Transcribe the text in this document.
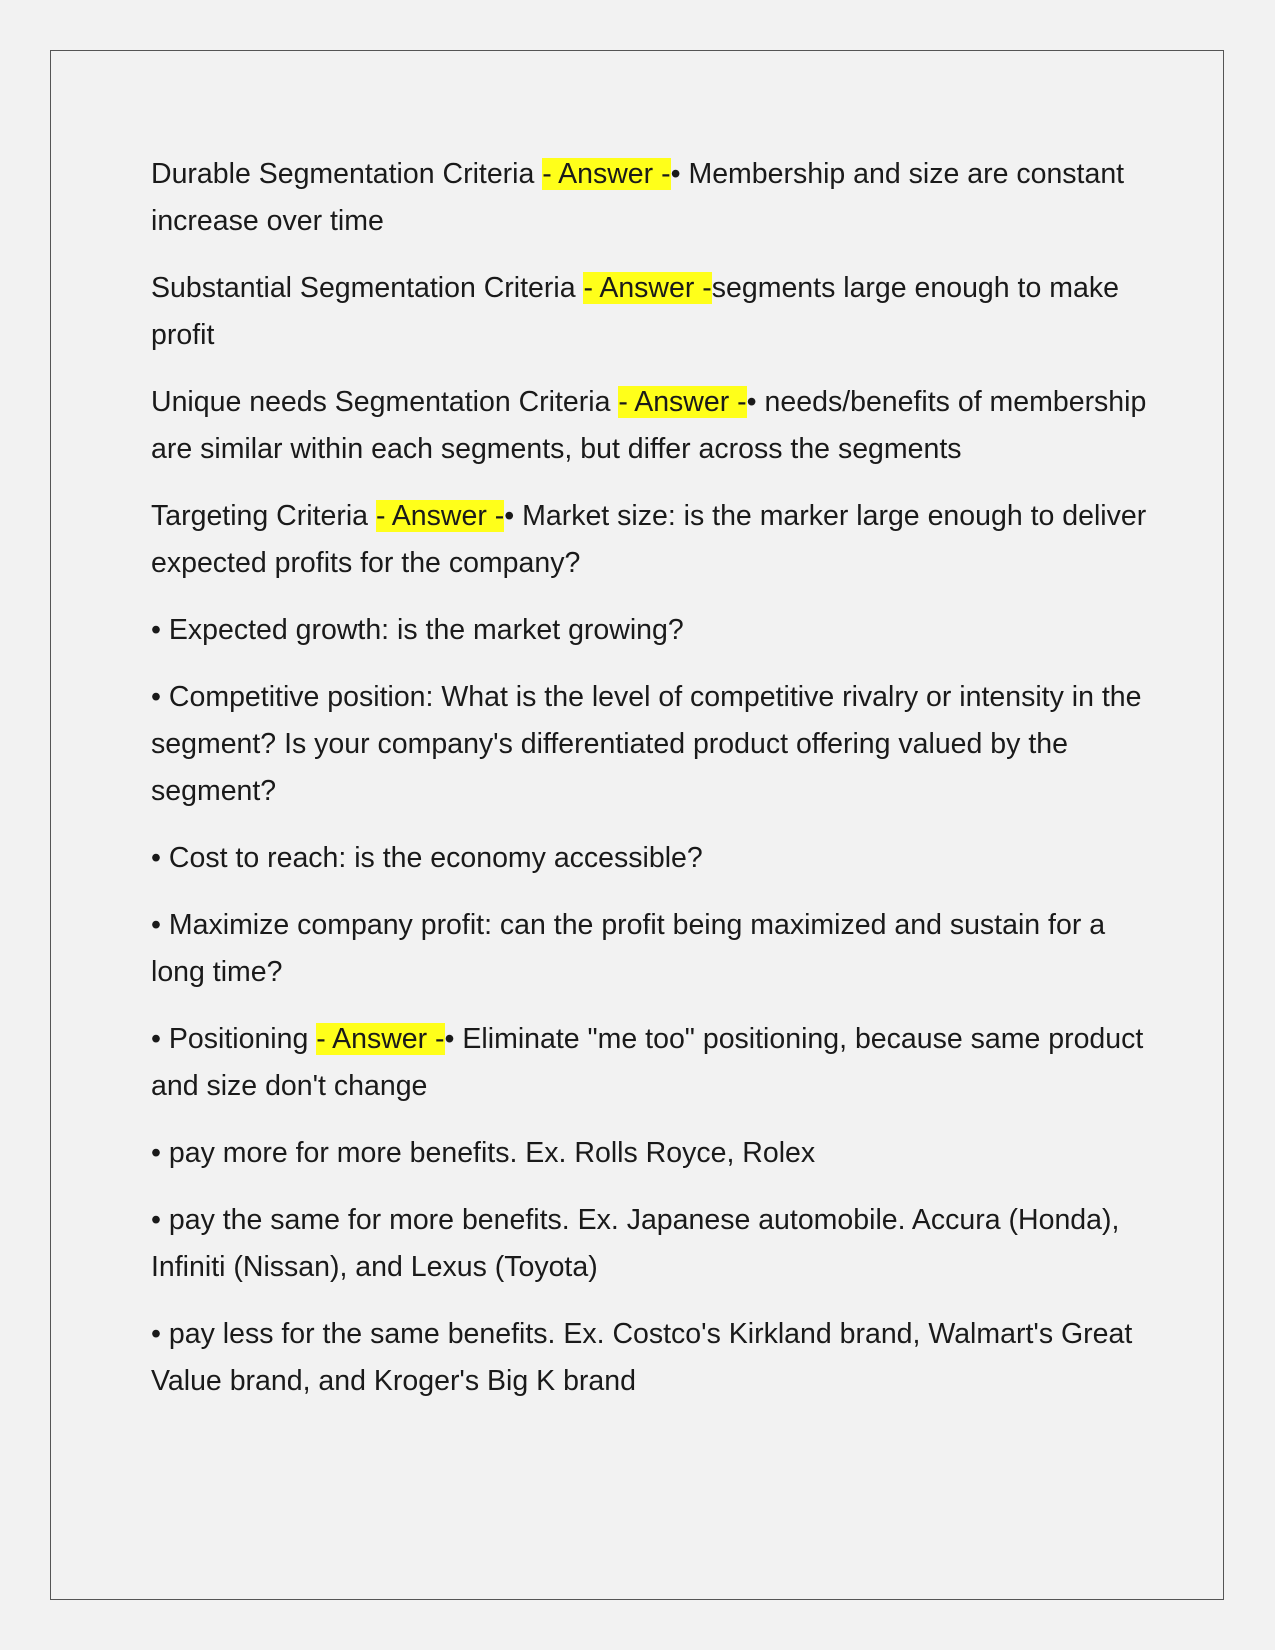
Durable Segmentation Criteria - Answer -• Membership and size are constant increase over time

Substantial Segmentation Criteria - Answer -segments large enough to make profit

Unique needs Segmentation Criteria - Answer -• needs/benefits of membership are similar within each segments, but differ across the segments

Targeting Criteria - Answer -• Market size: is the marker large enough to deliver expected profits for the company?

• Expected growth: is the market growing?

• Competitive position: What is the level of competitive rivalry or intensity in the segment? Is your company's differentiated product offering valued by the segment?

• Cost to reach: is the economy accessible?

• Maximize company profit: can the profit being maximized and sustain for a long time?

• Positioning - Answer -• Eliminate "me too" positioning, because same product and size don't change

• pay more for more benefits. Ex. Rolls Royce, Rolex

• pay the same for more benefits. Ex. Japanese automobile. Accura (Honda), Infiniti (Nissan), and Lexus (Toyota)

• pay less for the same benefits. Ex. Costco's Kirkland brand, Walmart's Great Value brand, and Kroger's Big K brand
